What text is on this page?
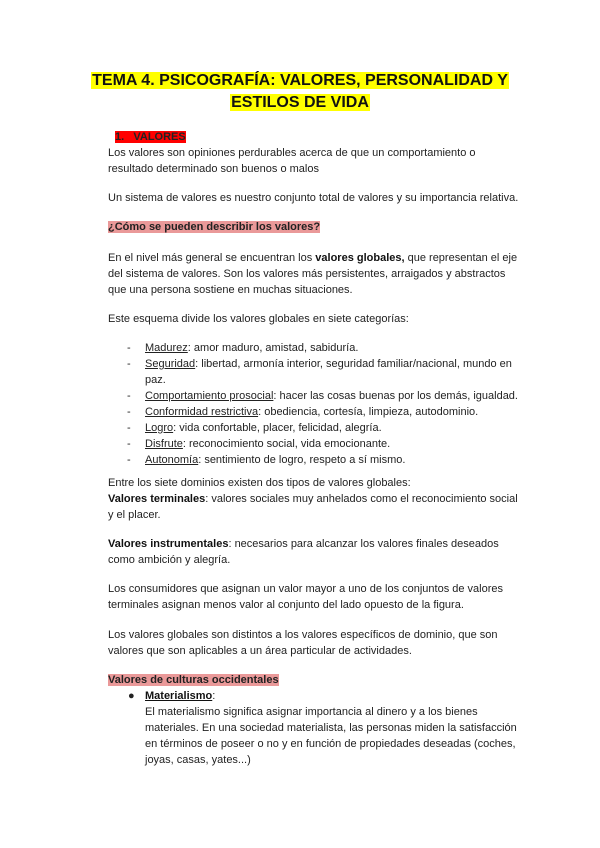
TEMA 4. PSICOGRAFÍA: VALORES, PERSONALIDAD Y
ESTILOS DE VIDA
1. VALORES
Los valores son opiniones perdurables acerca de que un comportamiento o
resultado determinado son buenos o malos
Un sistema de valores es nuestro conjunto total de valores y su importancia relativa.
¿Cómo se pueden describir los valores?
En el nivel más general se encuentran los valores globales, que representan el eje
del sistema de valores. Son los valores más persistentes, arraigados y abstractos
que una persona sostiene en muchas situaciones.
Este esquema divide los valores globales en siete categorías:
- Madurez: amor maduro, amistad, sabiduría.
- Seguridad: libertad, armonía interior, seguridad familiar/nacional, mundo en
paz.
- Comportamiento prosocial: hacer las cosas buenas por los demás, igualdad.
- Conformidad restrictiva: obediencia, cortesía, limpieza, autodominio.
- Logro: vida confortable, placer, felicidad, alegría.
- Disfrute: reconocimiento social, vida emocionante.
- Autonomía: sentimiento de logro, respeto a sí mismo.
Entre los siete dominios existen dos tipos de valores globales:
Valores terminales: valores sociales muy anhelados como el reconocimiento social
y el placer.
Valores instrumentales: necesarios para alcanzar los valores finales deseados
como ambición y alegría.
Los consumidores que asignan un valor mayor a uno de los conjuntos de valores
terminales asignan menos valor al conjunto del lado opuesto de la figura.
Los valores globales son distintos a los valores específicos de dominio, que son
valores que son aplicables a un área particular de actividades.
Valores de culturas occidentales
● Materialismo:
El materialismo significa asignar importancia al dinero y a los bienes
materiales. En una sociedad materialista, las personas miden la satisfacción
en términos de poseer o no y en función de propiedades deseadas (coches,
joyas, casas, yates...)
